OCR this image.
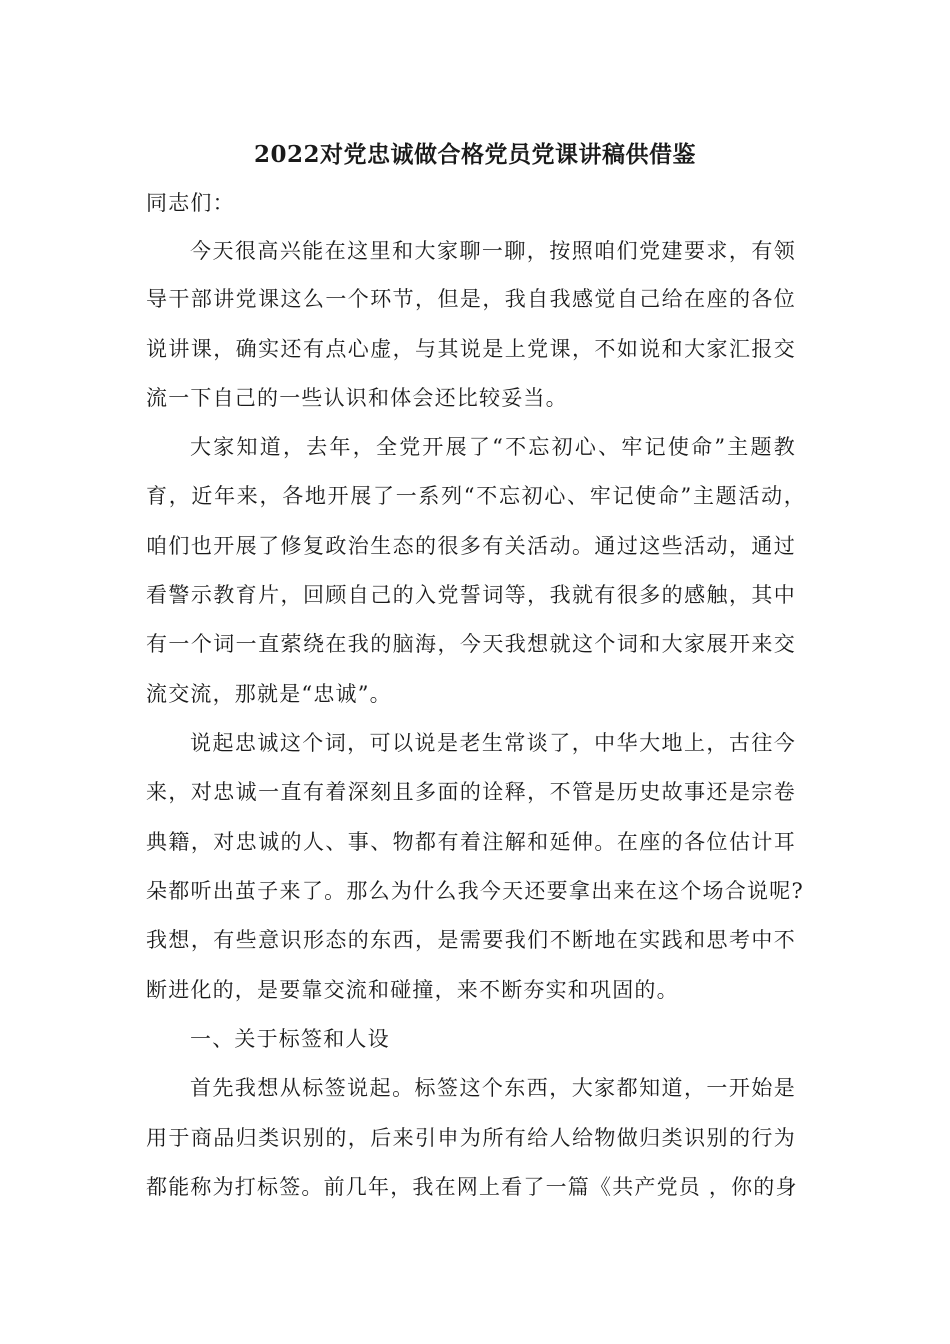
2022对党忠诚做合格党员党课讲稿供借鉴
同志们：
今天很高兴能在这里和大家聊一聊，按照咱们党建要求，有领
导干部讲党课这么一个环节，但是，我自我感觉自己给在座的各位
说讲课，确实还有点心虚，与其说是上党课，不如说和大家汇报交
流一下自己的一些认识和体会还比较妥当。
大家知道，去年，全党开展了“不忘初心、牢记使命”主题教
育，近年来，各地开展了一系列“不忘初心、牢记使命”主题活动，
咱们也开展了修复政治生态的很多有关活动。通过这些活动，通过
看警示教育片，回顾自己的入党誓词等，我就有很多的感触，其中
有一个词一直萦绕在我的脑海，今天我想就这个词和大家展开来交
流交流，那就是“忠诚”。
说起忠诚这个词，可以说是老生常谈了，中华大地上，古往今
来，对忠诚一直有着深刻且多面的诠释，不管是历史故事还是宗卷
典籍，对忠诚的人、事、物都有着注解和延伸。在座的各位估计耳
朵都听出茧子来了。那么为什么我今天还要拿出来在这个场合说呢?
我想，有些意识形态的东西，是需要我们不断地在实践和思考中不
断进化的，是要靠交流和碰撞，来不断夯实和巩固的。
一、关于标签和人设
首先我想从标签说起。标签这个东西，大家都知道，一开始是
用于商品归类识别的，后来引申为所有给人给物做归类识别的行为
都能称为打标签。前几年，我在网上看了一篇《共产党员 ，你的身
